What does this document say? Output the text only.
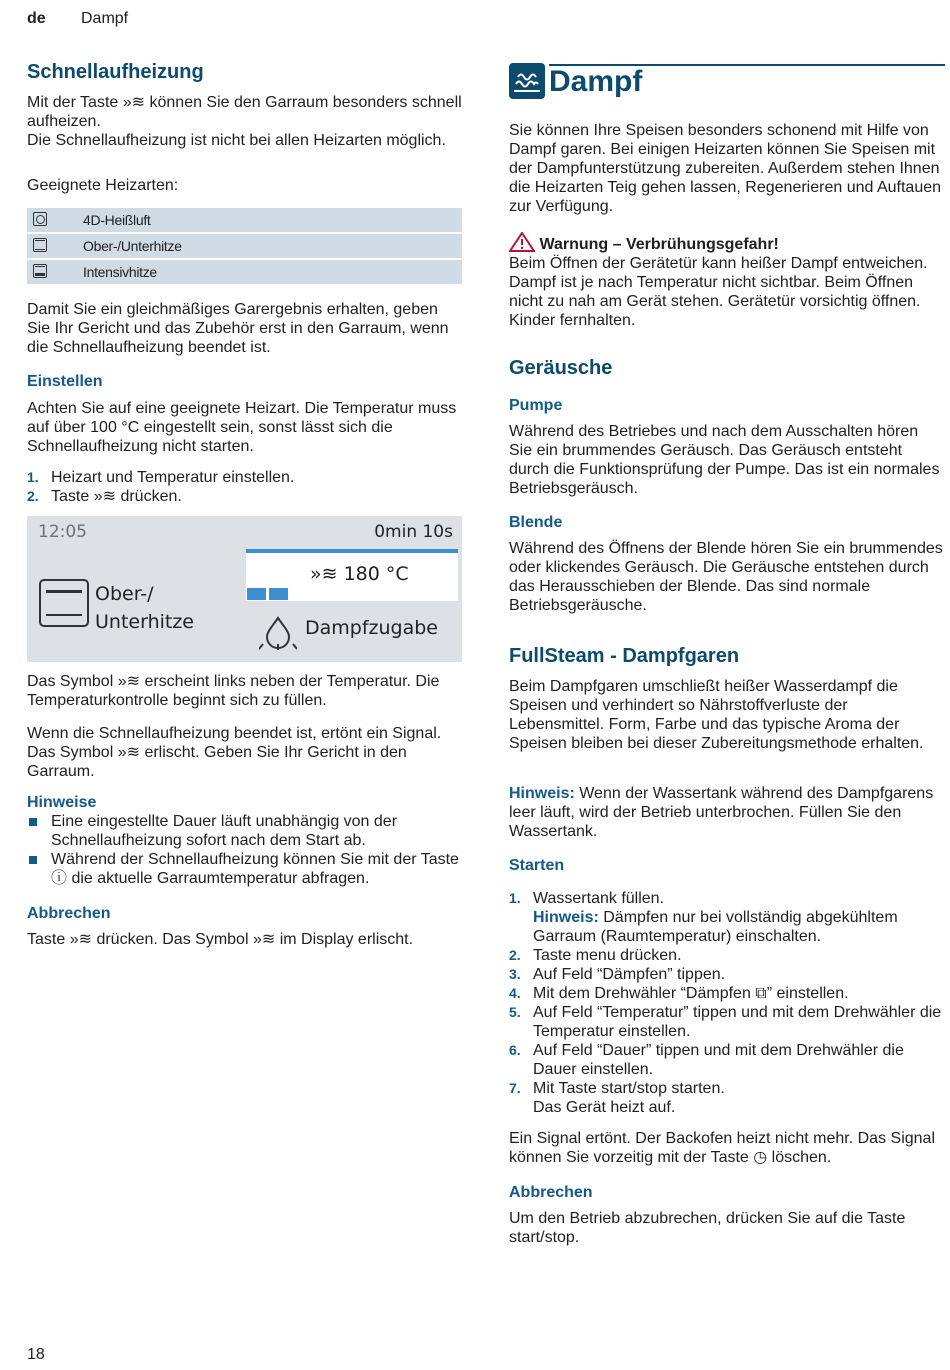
de Dampf
Schnellaufheizung

Mit der Taste »≋ können Sie den Garraum besonders schnell aufheizen.

Die Schnellaufheizung ist nicht bei allen Heizarten möglich.

Geeignete Heizarten:

4D-Heißluft
Ober-/Unterhitze
Intensivhitze

Damit Sie ein gleichmäßiges Garergebnis erhalten, geben Sie Ihr Gericht und das Zubehör erst in den Garraum, wenn die Schnellaufheizung beendet ist.

Einstellen

Achten Sie auf eine geeignete Heizart. Die Temperatur muss auf über 100 °C eingestellt sein, sonst lässt sich die Schnellaufheizung nicht starten.

1. Heizart und Temperatur einstellen.
2. Taste »≋ drücken.
12:05	0min 10s
Ober-/
Unterhitze
»≋ 180 °C
Dampfzugabe

Das Symbol »≋ erscheint links neben der Temperatur. Die Temperaturkontrolle beginnt sich zu füllen.

Wenn die Schnellaufheizung beendet ist, ertönt ein Signal. Das Symbol »≋ erlischt. Geben Sie Ihr Gericht in den Garraum.

Hinweise
Eine eingestellte Dauer läuft unabhängig von der Schnellaufheizung sofort nach dem Start ab.
Während der Schnellaufheizung können Sie mit der Taste ⓘ die aktuelle Garraumtemperatur abfragen.
Abbrechen

Taste »≋ drücken. Das Symbol »≋ im Display erlischt.

Dampf

Sie können Ihre Speisen besonders schonend mit Hilfe von Dampf garen. Bei einigen Heizarten können Sie Speisen mit der Dampfunterstützung zubereiten. Außerdem stehen Ihnen die Heizarten Teig gehen lassen, Regenerieren und Auftauen zur Verfügung.

Warnung – Verbrühungsgefahr!

Beim Öffnen der Gerätetür kann heißer Dampf entweichen. Dampf ist je nach Temperatur nicht sichtbar. Beim Öffnen nicht zu nah am Gerät stehen. Gerätetür vorsichtig öffnen. Kinder fernhalten.

Geräusche
Pumpe

Während des Betriebes und nach dem Ausschalten hören Sie ein brummendes Geräusch. Das Geräusch entsteht durch die Funktionsprüfung der Pumpe. Das ist ein normales Betriebsgeräusch.

Blende

Während des Öffnens der Blende hören Sie ein brummendes oder klickendes Geräusch. Die Geräusche entstehen durch das Herausschieben der Blende. Das sind normale Betriebsgeräusche.

FullSteam - Dampfgaren

Beim Dampfgaren umschließt heißer Wasserdampf die Speisen und verhindert so Nährstoffverluste der Lebensmittel. Form, Farbe und das typische Aroma der Speisen bleiben bei dieser Zubereitungsmethode erhalten.

Hinweis: Wenn der Wassertank während des Dampfgarens leer läuft, wird der Betrieb unterbrochen. Füllen Sie den Wassertank.

Starten
1. Wassertank füllen.
Hinweis: Dämpfen nur bei vollständig abgekühltem Garraum (Raumtemperatur) einschalten.
2. Taste menu drücken.
3. Auf Feld “Dämpfen” tippen.
4. Mit dem Drehwähler “Dämpfen ⧉” einstellen.
5. Auf Feld “Temperatur” tippen und mit dem Drehwähler die Temperatur einstellen.
6. Auf Feld “Dauer” tippen und mit dem Drehwähler die Dauer einstellen.
7. Mit Taste start/stop starten.
Das Gerät heizt auf.

Ein Signal ertönt. Der Backofen heizt nicht mehr. Das Signal können Sie vorzeitig mit der Taste ◷ löschen.

Abbrechen

Um den Betrieb abzubrechen, drücken Sie auf die Taste start/stop.

18
